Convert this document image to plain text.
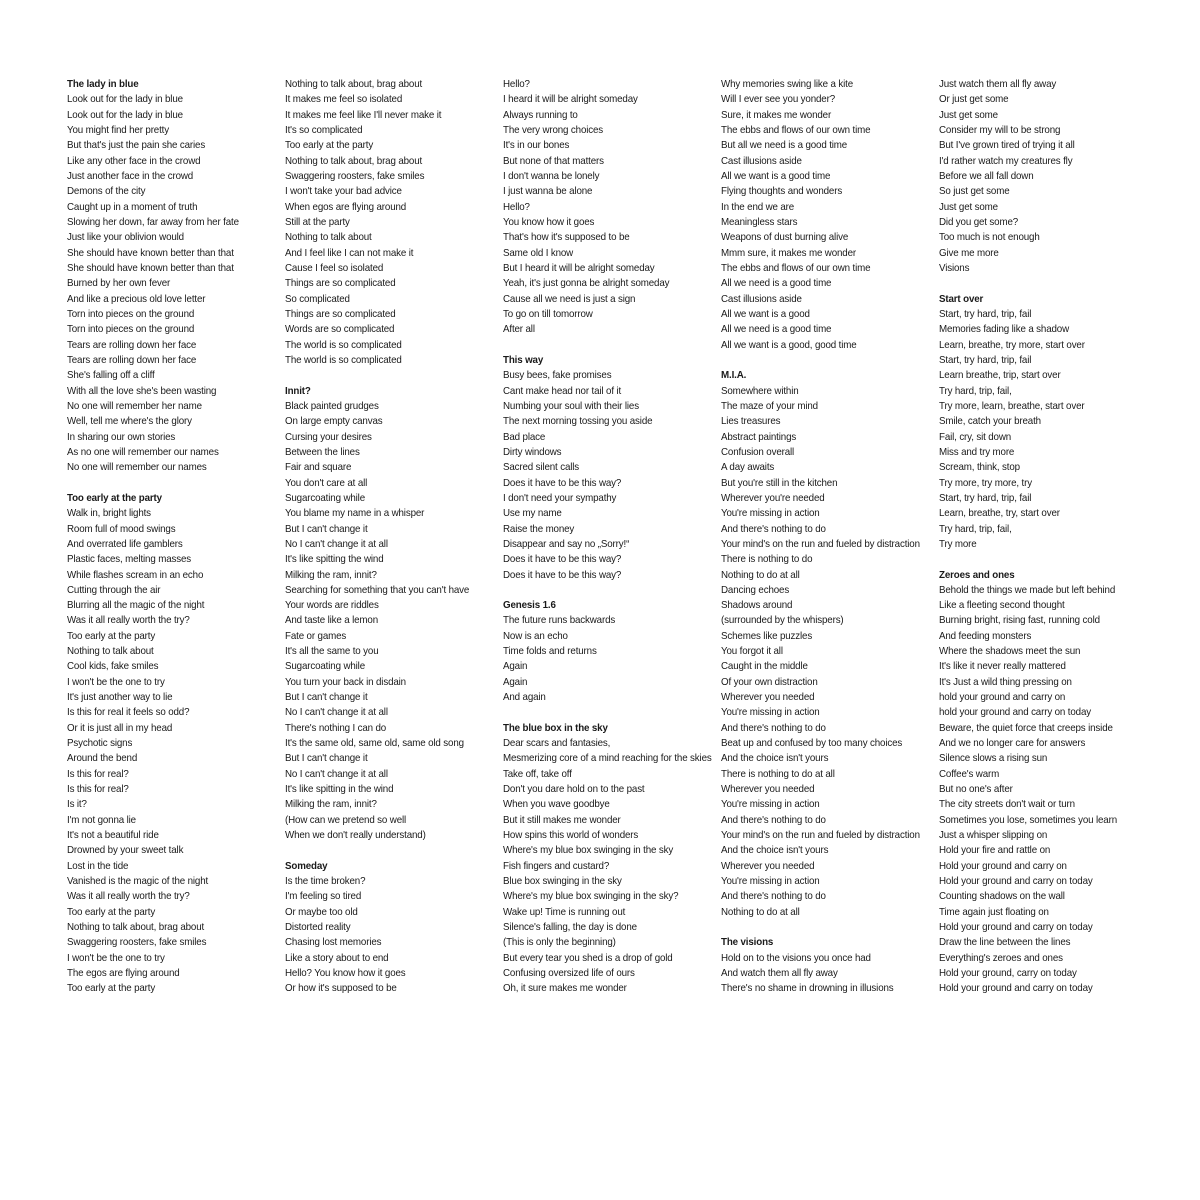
The lady in blue
Look out for the lady in blue
Look out for the lady in blue
You might find her pretty
But that's just the pain she caries
Like any other face in the crowd
Just another face in the crowd
Demons of the city
Caught up in a moment of truth
Slowing her down, far away from her fate
Just like your oblivion would
She should have known better than that
She should have known better than that
Burned by her own fever
And like a precious old love letter
Torn into pieces on the ground
Torn into pieces on the ground
Tears are rolling down her face
Tears are rolling down her face
She's falling off a cliff
With all the love she's been wasting
No one will remember her name
Well, tell me where's the glory
In sharing our own stories
As no one will remember our names
No one will remember our names
Too early at the party
Walk in, bright lights
Room full of mood swings
And overrated life gamblers
Plastic faces, melting masses
While flashes scream in an echo
Cutting through the air
Blurring all the magic of the night
Was it all really worth the try?
Too early at the party
Nothing to talk about
Cool kids, fake smiles
I won't be the one to try
It's just another way to lie
Is this for real it feels so odd?
Or it is just all in my head
Psychotic signs
Around the bend
Is this for real?
Is this for real?
Is it?
I'm not gonna lie
It's not a beautiful ride
Drowned by your sweet talk
Lost in the tide
Vanished is the magic of the night
Was it all really worth the try?
Too early at the party
Nothing to talk about, brag about
Swaggering roosters, fake smiles
I won't be the one to try
The egos are flying around
Too early at the party
Nothing to talk about, brag about
It makes me feel so isolated
It makes me feel like I'll never make it
It's so complicated
Too early at the party
Nothing to talk about, brag about
Swaggering roosters, fake smiles
I won't take your bad advice
When egos are flying around
Still at the party
Nothing to talk about
And I feel like I can not make it
Cause I feel so isolated
Things are so complicated
So complicated
Things are so complicated
Words are so complicated
The world is so complicated
The world is so complicated
Innit?
Black painted grudges
On large empty canvas
Cursing your desires
Between the lines
Fair and square
You don't care at all
Sugarcoating while
You blame my name in a whisper
But I can't change it
No I can't change it at all
It's like spitting the wind
Milking the ram, innit?
Searching for something that you can't have
Your words are riddles
And taste like a lemon
Fate or games
It's all the same to you
Sugarcoating while
You turn your back in disdain
But I can't change it
No I can't change it at all
There's nothing I can do
It's the same old, same old, same old song
But I can't change it
No I can't change it at all
It's like spitting in the wind
Milking the ram, innit?
(How can we pretend so well
When we don't really understand)
Someday
Is the time broken?
I'm feeling so tired
Or maybe too old
Distorted reality
Chasing lost memories
Like a story about to end
Hello? You know how it goes
Or how it's supposed to be
Hello?
I heard it will be alright someday
Always running to
The very wrong choices
It's in our bones
But none of that matters
I don't wanna be lonely
I just wanna be alone
Hello?
You know how it goes
That's how it's supposed to be
Same old I know
But I heard it will be alright someday
Yeah, it's just gonna be alright someday
Cause all we need is just a sign
To go on till tomorrow
After all
This way
Busy bees, fake promises
Cant make head nor tail of it
Numbing your soul with their lies
The next morning tossing you aside
Bad place
Dirty windows
Sacred silent calls
Does it have to be this way?
I don't need your sympathy
Use my name
Raise the money
Disappear and say no „Sorry!“
Does it have to be this way?
Does it have to be this way?
Genesis 1.6
The future runs backwards
Now is an echo
Time folds and returns
Again
Again
And again
The blue box in the sky
Dear scars and fantasies,
Mesmerizing core of a mind reaching for the skies
Take off, take off
Don't you dare hold on to the past
When you wave goodbye
But it still makes me wonder
How spins this world of wonders
Where's my blue box swinging in the sky
Fish fingers and custard?
Blue box swinging in the sky
Where's my blue box swinging in the sky?
Wake up! Time is running out
Silence's falling, the day is done
(This is only the beginning)
But every tear you shed is a drop of gold
Confusing oversized life of ours
Oh, it sure makes me wonder
Why memories swing like a kite
Will I ever see you yonder?
Sure, it makes me wonder
The ebbs and flows of our own time
But all we need is a good time
Cast illusions aside
All we want is a good time
Flying thoughts and wonders
In the end we are
Meaningless stars
Weapons of dust burning alive
Mmm sure, it makes me wonder
The ebbs and flows of our own time
All we need is a good time
Cast illusions aside
All we want is a good
All we need is a good time
All we want is a good, good time
M.I.A.
Somewhere within
The maze of your mind
Lies treasures
Abstract paintings
Confusion overall
A day awaits
But you're still in the kitchen
Wherever you're needed
You're missing in action
And there's nothing to do
Your mind's on the run and fueled by distraction
There is nothing to do
Nothing to do at all
Dancing echoes
Shadows around
(surrounded by the whispers)
Schemes like puzzles
You forgot it all
Caught in the middle
Of your own distraction
Wherever you needed
You're missing in action
And there's nothing to do
Beat up and confused by too many choices
And the choice isn't yours
There is nothing to do at all
Wherever you needed
You're missing in action
And there's nothing to do
Your mind's on the run and fueled by distraction
And the choice isn't yours
Wherever you needed
You're missing in action
And there's nothing to do
Nothing to do at all
The visions
Hold on to the visions you once had
And watch them all fly away
There's no shame in drowning in illusions
Just watch them all fly away
Or just get some
Just get some
Consider my will to be strong
But I've grown tired of trying it all
I'd rather watch my creatures fly
Before we all fall down
So just get some
Just get some
Did you get some?
Too much is not enough
Give me more
Visions
Start over
Start, try hard, trip, fail
Memories fading like a shadow
Learn, breathe, try more, start over
Start, try hard, trip, fail
Learn breathe, trip, start over
Try hard, trip, fail,
Try more, learn, breathe, start over
Smile, catch your breath
Fail, cry, sit down
Miss and try more
Scream, think, stop
Try more, try more, try
Start, try hard, trip, fail
Learn, breathe, try, start over
Try hard, trip, fail,
Try more
Zeroes and ones
Behold the things we made but left behind
Like a fleeting second thought
Burning bright, rising fast, running cold
And feeding monsters
Where the shadows meet the sun
It's like it never really mattered
It's Just a wild thing pressing on
hold your ground and carry on
hold your ground and carry on today
Beware, the quiet force that creeps inside
And we no longer care for answers
Silence slows a rising sun
Coffee's warm
But no one's after
The city streets don't wait or turn
Sometimes you lose, sometimes you learn
Just a whisper slipping on
Hold your fire and rattle on
Hold your ground and carry on
Hold your ground and carry on today
Counting shadows on the wall
Time again just floating on
Hold your ground and carry on today
Draw the line between the lines
Everything's zeroes and ones
Hold your ground, carry on today
Hold your ground and carry on today
